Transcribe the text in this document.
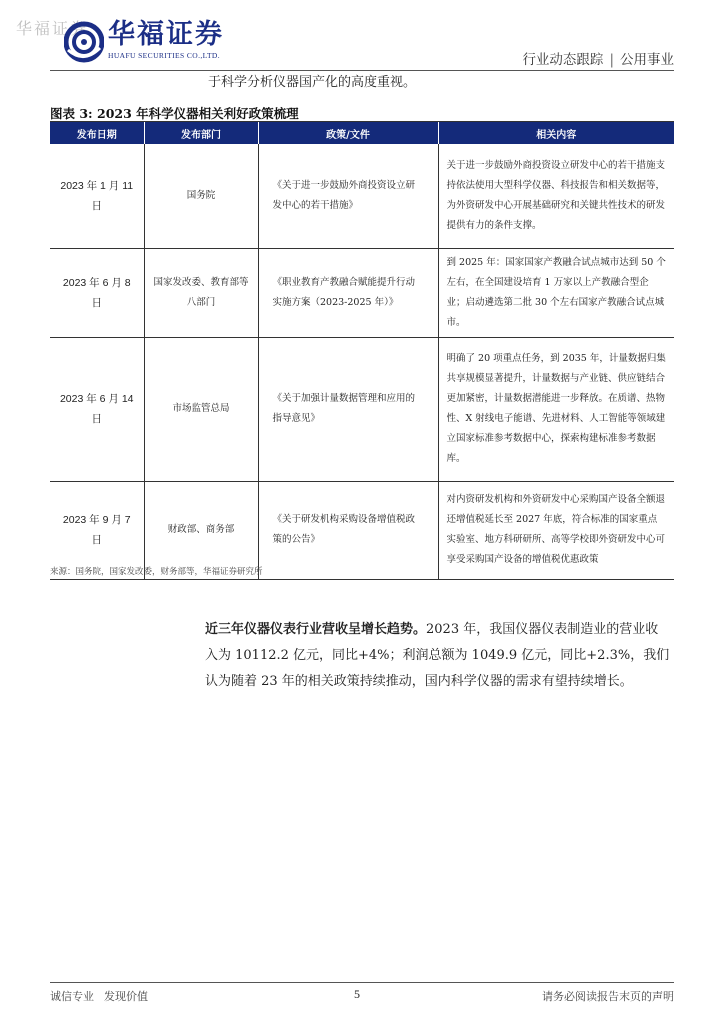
华福证券 华福证券
HUAFU SECURITIES CO.,LTD.	行业动态跟踪 | 公用事业
于科学分析仪器国产化的高度重视。
图表 3: 2023 年科学仪器相关利好政策梳理
发布日期	发布部门	政策/文件	相关内容
2023 年 1 月 11 日	国务院	《关于进一步鼓励外商投资设立研发中心的若干措施》	关于进一步鼓励外商投资设立研发中心的若干措施支持依法使用大型科学仪器、科技报告和相关数据等，为外资研发中心开展基础研究和关键共性技术的研发提供有力的条件支撑。
2023 年 6 月 8 日	国家发改委、教育部等八部门	《职业教育产教融合赋能提升行动实施方案（2023-2025 年）》	到 2025 年：国家国家产教融合试点城市达到 50 个左右，在全国建设培育 1 万家以上产教融合型企业；启动遴选第二批 30 个左右国家产教融合试点城市。
2023 年 6 月 14 日	市场监管总局	《关于加强计量数据管理和应用的指导意见》	明确了 20 项重点任务，到 2035 年，计量数据归集共享规模显著提升，计量数据与产业链、供应链结合更加紧密，计量数据潜能进一步释放。在质谱、热物性、X 射线电子能谱、先进材料、人工智能等领域建立国家标准参考数据中心，探索构建标准参考数据库。
2023 年 9 月 7 日	财政部、商务部	《关于研发机构采购设备增值税政策的公告》	对内资研发机构和外资研发中心采购国产设备全额退还增值税延长至 2027 年底，符合标准的国家重点实验室、地方科研研所、高等学校即外资研发中心可享受采购国产设备的增值税优惠政策
来源：国务院，国家发改委，财务部等，华福证券研究所
近三年仪器仪表行业营收呈增长趋势。2023 年，我国仪器仪表制造业的营业收
入为 10112.2 亿元，同比+4%；利润总额为 1049.9 亿元，同比+2.3%，我们认为随着 23 年的相关政策持续推动，国内科学仪器的需求有望持续增长。
诚信专业 发现价值	5	请务必阅读报告末页的声明
